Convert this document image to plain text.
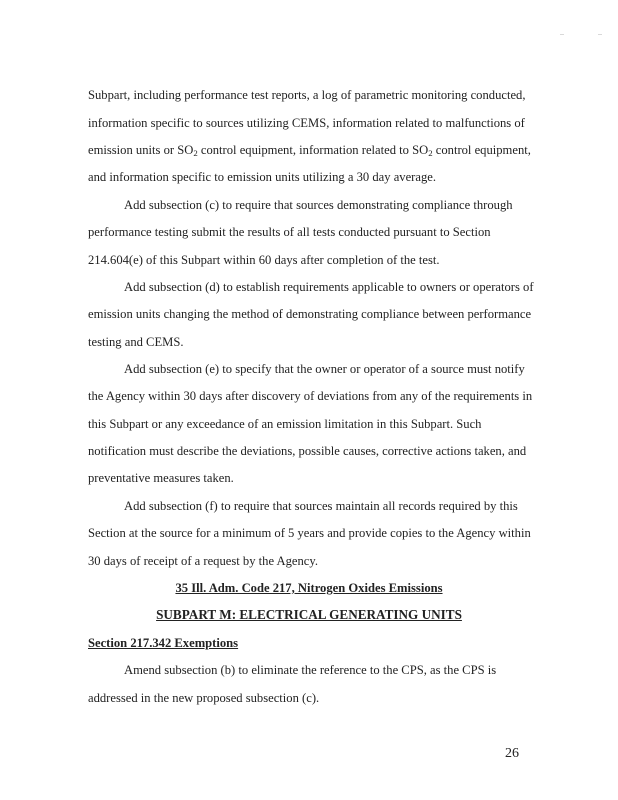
Subpart, including performance test reports, a log of parametric monitoring conducted,
information specific to sources utilizing CEMS, information related to malfunctions of
emission units or $SO_2$ control equipment, information related to $SO_2$ control equipment,
and information specific to emission units utilizing a 30 day average.
Add subsection (c) to require that sources demonstrating compliance through
performance testing submit the results of all tests conducted pursuant to Section
214.604(e) of this Subpart within 60 days after completion of the test.
Add subsection (d) to establish requirements applicable to owners or operators of
emission units changing the method of demonstrating compliance between performance
testing and CEMS.
Add subsection (e) to specify that the owner or operator of a source must notify
the Agency within 30 days after discovery of deviations from any of the requirements in
this Subpart or any exceedance of an emission limitation in this Subpart. Such
notification must describe the deviations, possible causes, corrective actions taken, and
preventative measures taken.
Add subsection (f) to require that sources maintain all records required by this
Section at the source for a minimum of 5 years and provide copies to the Agency within
30 days of receipt of a request by the Agency.
35 Ill. Adm. Code 217, Nitrogen Oxides Emissions
SUBPART M: ELECTRICAL GENERATING UNITS
Section 217.342 Exemptions
Amend subsection (b) to eliminate the reference to the CPS, as the CPS is
addressed in the new proposed subsection (c).
26
